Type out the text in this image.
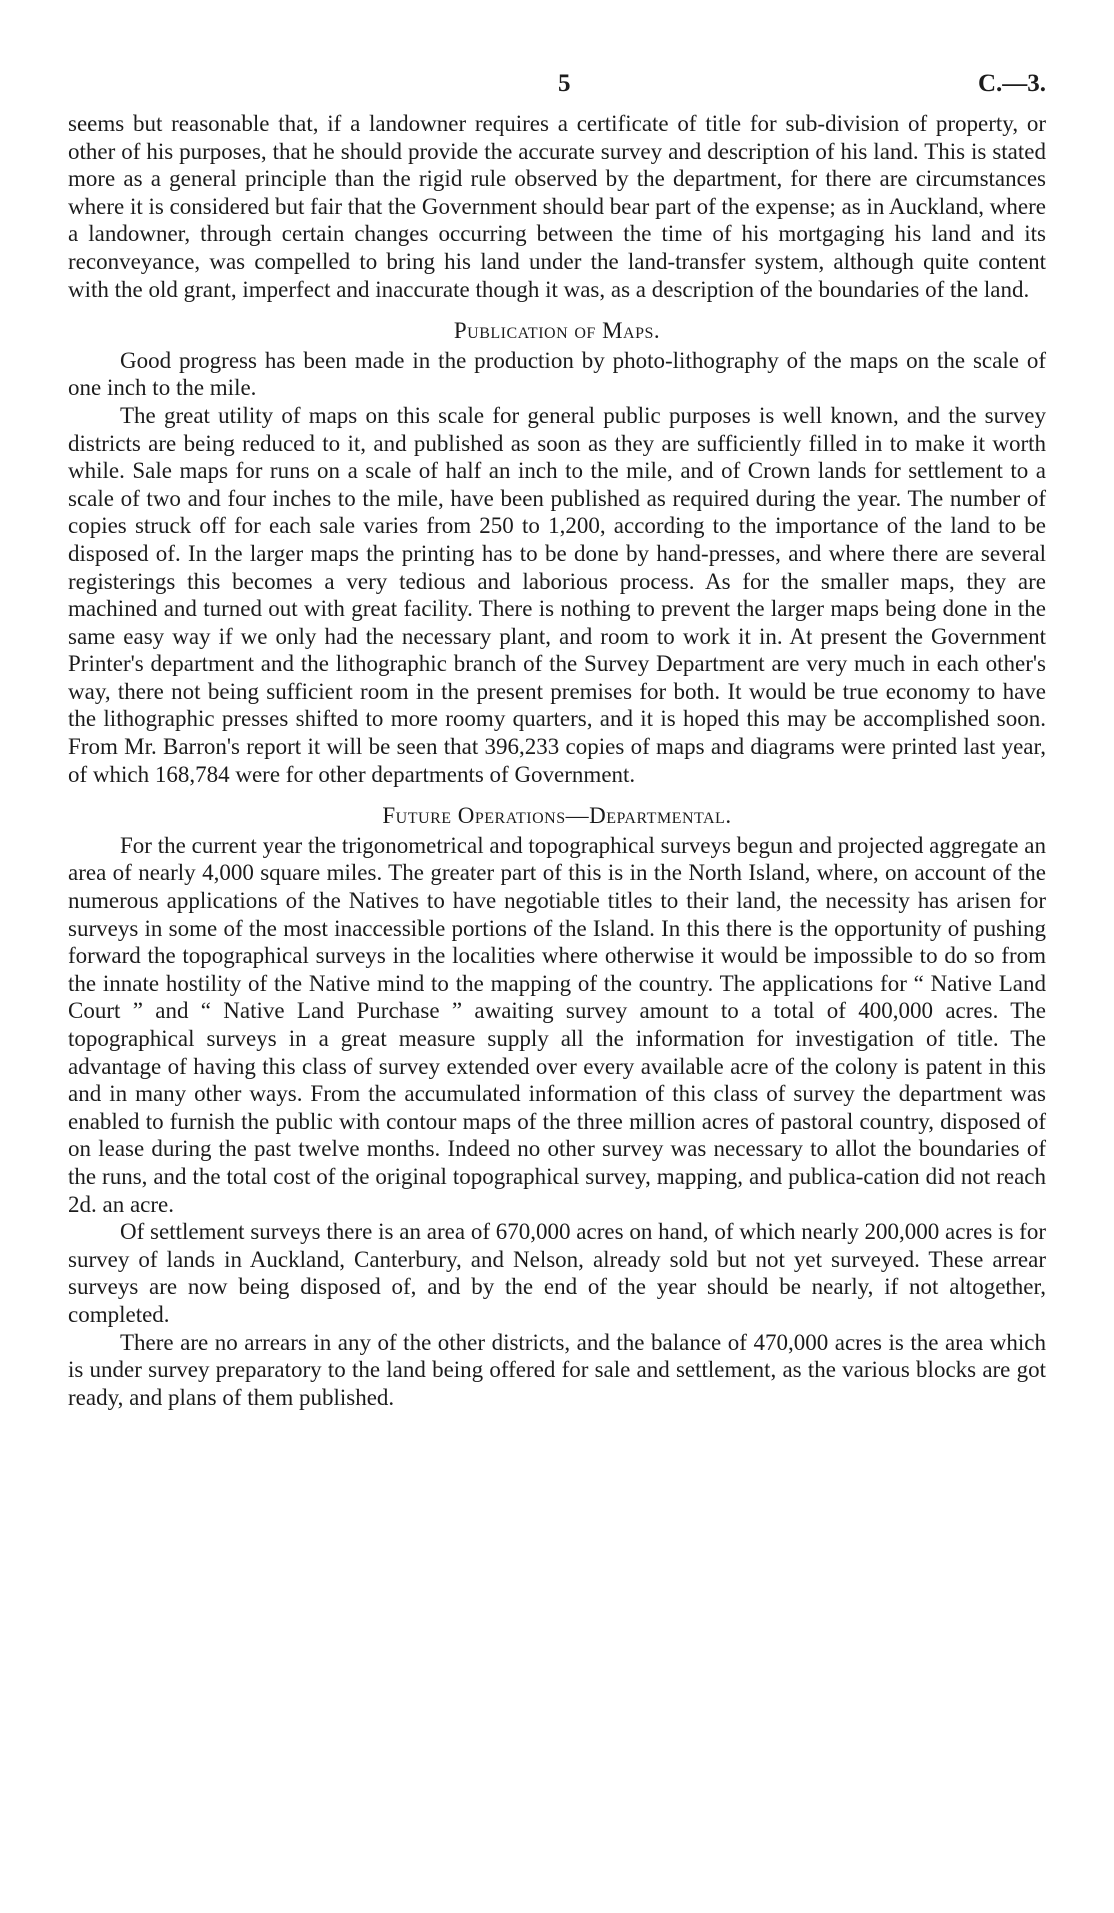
5	C.—3.

seems but reasonable that, if a landowner requires a certificate of title for sub-division of property, or other of his purposes, that he should provide the accurate survey and description of his land. This is stated more as a general principle than the rigid rule observed by the department, for there are circumstances where it is considered but fair that the Government should bear part of the expense; as in Auckland, where a landowner, through certain changes occurring between the time of his mortgaging his land and its reconveyance, was compelled to bring his land under the land-transfer system, although quite content with the old grant, imperfect and inaccurate though it was, as a description of the boundaries of the land.

Publication of Maps.

Good progress has been made in the production by photo-lithography of the maps on the scale of one inch to the mile.

The great utility of maps on this scale for general public purposes is well known, and the survey districts are being reduced to it, and published as soon as they are sufficiently filled in to make it worth while. Sale maps for runs on a scale of half an inch to the mile, and of Crown lands for settlement to a scale of two and four inches to the mile, have been published as required during the year. The number of copies struck off for each sale varies from 250 to 1,200, according to the importance of the land to be disposed of. In the larger maps the printing has to be done by hand-presses, and where there are several registerings this becomes a very tedious and laborious process. As for the smaller maps, they are machined and turned out with great facility. There is nothing to prevent the larger maps being done in the same easy way if we only had the necessary plant, and room to work it in. At present the Government Printer's department and the lithographic branch of the Survey Department are very much in each other's way, there not being sufficient room in the present premises for both. It would be true economy to have the lithographic presses shifted to more roomy quarters, and it is hoped this may be accomplished soon. From Mr. Barron's report it will be seen that 396,233 copies of maps and diagrams were printed last year, of which 168,784 were for other departments of Government.

Future Operations—Departmental.

For the current year the trigonometrical and topographical surveys begun and projected aggregate an area of nearly 4,000 square miles. The greater part of this is in the North Island, where, on account of the numerous applications of the Natives to have negotiable titles to their land, the necessity has arisen for surveys in some of the most inaccessible portions of the Island. In this there is the opportunity of pushing forward the topographical surveys in the localities where otherwise it would be impossible to do so from the innate hostility of the Native mind to the mapping of the country. The applications for “ Native Land Court ” and “ Native Land Purchase ” awaiting survey amount to a total of 400,000 acres. The topographical surveys in a great measure supply all the information for investigation of title. The advantage of having this class of survey extended over every available acre of the colony is patent in this and in many other ways. From the accumulated information of this class of survey the department was enabled to furnish the public with contour maps of the three million acres of pastoral country, disposed of on lease during the past twelve months. Indeed no other survey was necessary to allot the boundaries of the runs, and the total cost of the original topographical survey, mapping, and publica-cation did not reach 2d. an acre.

Of settlement surveys there is an area of 670,000 acres on hand, of which nearly 200,000 acres is for survey of lands in Auckland, Canterbury, and Nelson, already sold but not yet surveyed. These arrear surveys are now being disposed of, and by the end of the year should be nearly, if not altogether, completed.

There are no arrears in any of the other districts, and the balance of 470,000 acres is the area which is under survey preparatory to the land being offered for sale and settlement, as the various blocks are got ready, and plans of them published.
